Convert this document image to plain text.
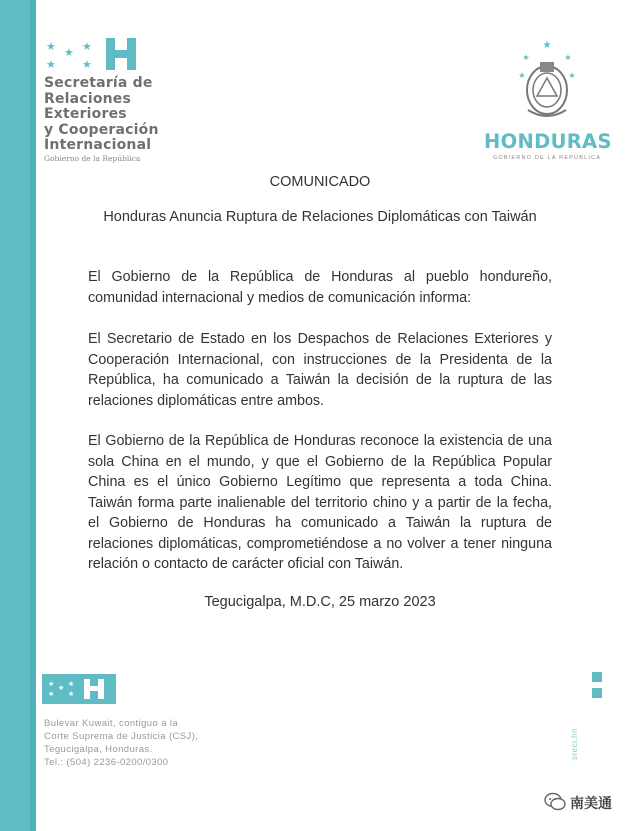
★ ★ ★
★ ★
Secretaría de
Relaciones
Exteriores
y Cooperación
Internacional
Gobierno de la República
★
★	★
★	★
HONDURAS
GOBIERNO DE LA REPÚBLICA
COMUNICADO
Honduras Anuncia Ruptura de Relaciones Diplomáticas con Taiwán
El Gobierno de la República de Honduras al pueblo hondureño, comunidad internacional y medios de comunicación informa:
El Secretario de Estado en los Despachos de Relaciones Exteriores y Cooperación Internacional, con instrucciones de la Presidenta de la República, ha comunicado a Taiwán la decisión de la ruptura de las relaciones diplomáticas entre ambos.
El Gobierno de la República de Honduras reconoce la existencia de una sola China en el mundo, y que el Gobierno de la República Popular China es el único Gobierno Legítimo que representa a toda China. Taiwán forma parte inalienable del territorio chino y a partir de la fecha, el Gobierno de Honduras ha comunicado a Taiwán la ruptura de relaciones diplomáticas, comprometiéndose a no volver a tener ninguna relación o contacto de carácter oficial con Taiwán.
Tegucigalpa, M.D.C, 25 marzo 2023
★
★
★
★ ★
Bulevar Kuwait, contiguo a la
Corte Suprema de Justicia (CSJ),
Tegucigalpa, Honduras.
Tel.: (504) 2236-0200/0300
sreci.hn
南美通
